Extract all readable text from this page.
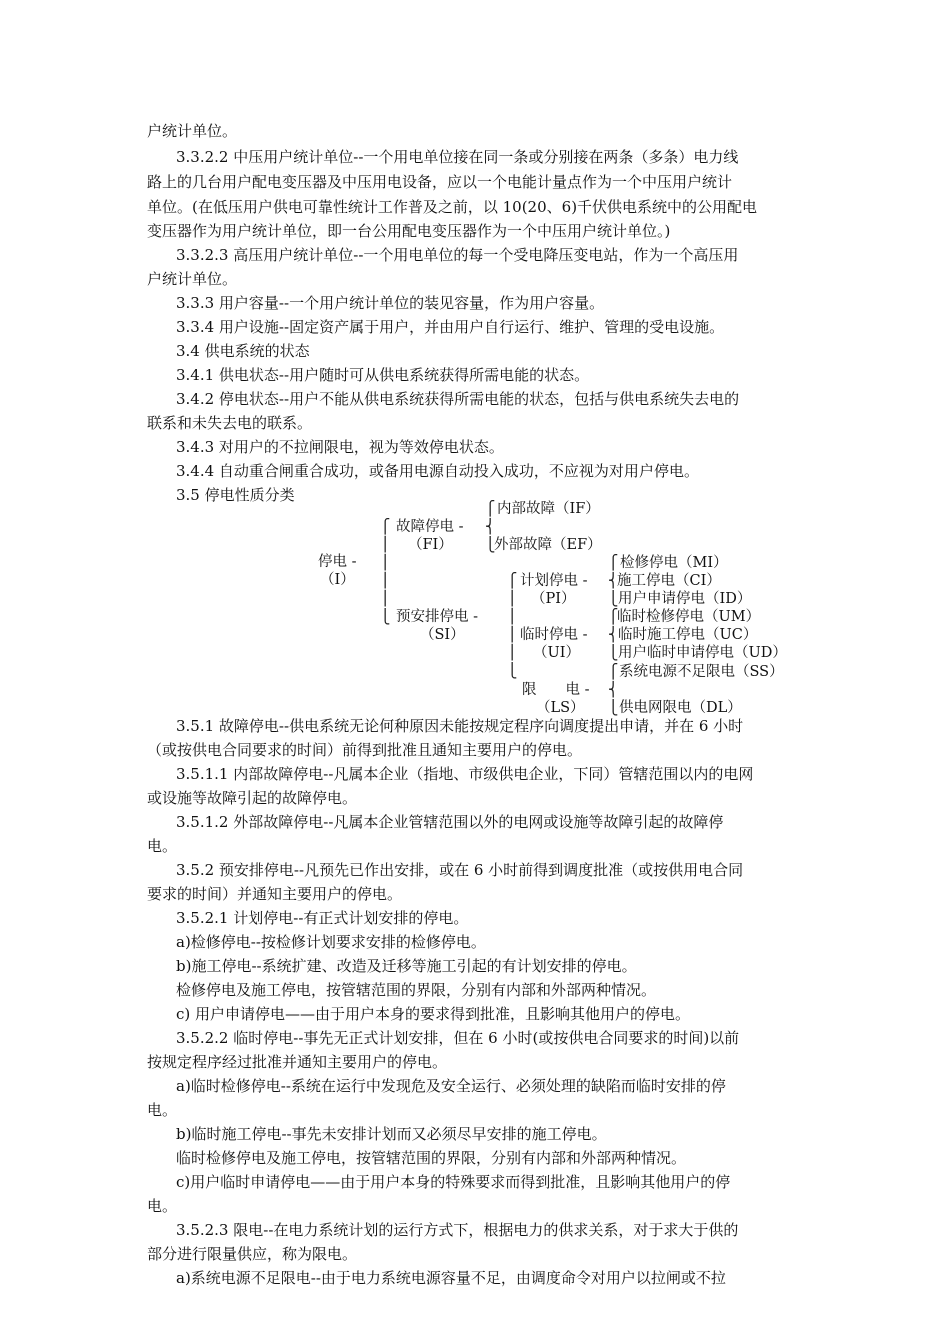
户统计单位。
3.3.2.2 中压用户统计单位--一个用电单位接在同一条或分别接在两条（多条）电力线
路上的几台用户配电变压器及中压用电设备，应以一个电能计量点作为一个中压用户统计
单位。(在低压用户供电可靠性统计工作普及之前，以 10(20、6)千伏供电系统中的公用配电
变压器作为用户统计单位，即一台公用配电变压器作为一个中压用户统计单位。)
3.3.2.3 高压用户统计单位--一个用电单位的每一个受电降压变电站，作为一个高压用
户统计单位。
3.3.3 用户容量--一个用户统计单位的装见容量，作为用户容量。
3.3.4 用户设施--固定资产属于用户，并由用户自行运行、维护、管理的受电设施。
3.4 供电系统的状态
3.4.1 供电状态--用户随时可从供电系统获得所需电能的状态。
3.4.2 停电状态--用户不能从供电系统获得所需电能的状态，包括与供电系统失去电的
联系和未失去电的联系。
3.4.3 对用户的不拉闸限电，视为等效停电状态。
3.4.4 自动重合闸重合成功，或备用电源自动投入成功，不应视为对用户停电。
3.5 停电性质分类
停电 -
（I）
⎧
⎪
⎪
⎪
⎪
⎩
故障停电 -
（FI）
⎧
⎨
⎩
内部故障（IF）
外部故障（EF）
预安排停电 -
（SI）
⎧
⎪
⎪
⎪
⎪
⎩
计划停电 -
（PI）
⎧
⎨
⎩
检修停电（MI）
施工停电（CI）
用户申请停电（ID）
临时停电 -
（UI）
⎧
⎨
⎩
临时检修停电（UM）
临时施工停电（UC）
用户临时申请停电（UD）
限　　电 -
（LS）
⎧
⎨
⎩
系统电源不足限电（SS）
供电网限电（DL）
3.5.1 故障停电--供电系统无论何种原因未能按规定程序向调度提出申请，并在 6 小时
（或按供电合同要求的时间）前得到批准且通知主要用户的停电。
3.5.1.1 内部故障停电--凡属本企业（指地、市级供电企业，下同）管辖范围以内的电网
或设施等故障引起的故障停电。
3.5.1.2 外部故障停电--凡属本企业管辖范围以外的电网或设施等故障引起的故障停
电。
3.5.2 预安排停电--凡预先已作出安排，或在 6 小时前得到调度批准（或按供用电合同
要求的时间）并通知主要用户的停电。
3.5.2.1 计划停电--有正式计划安排的停电。
a)检修停电--按检修计划要求安排的检修停电。
b)施工停电--系统扩建、改造及迁移等施工引起的有计划安排的停电。
检修停电及施工停电，按管辖范围的界限，分别有内部和外部两种情况。
c) 用户申请停电——由于用户本身的要求得到批准，且影响其他用户的停电。
3.5.2.2 临时停电--事先无正式计划安排，但在 6 小时(或按供电合同要求的时间)以前
按规定程序经过批准并通知主要用户的停电。
a)临时检修停电--系统在运行中发现危及安全运行、必须处理的缺陷而临时安排的停
电。
b)临时施工停电--事先未安排计划而又必须尽早安排的施工停电。
临时检修停电及施工停电，按管辖范围的界限，分别有内部和外部两种情况。
c)用户临时申请停电——由于用户本身的特殊要求而得到批准，且影响其他用户的停
电。
3.5.2.3 限电--在电力系统计划的运行方式下，根据电力的供求关系，对于求大于供的
部分进行限量供应，称为限电。
a)系统电源不足限电--由于电力系统电源容量不足，由调度命令对用户以拉闸或不拉
